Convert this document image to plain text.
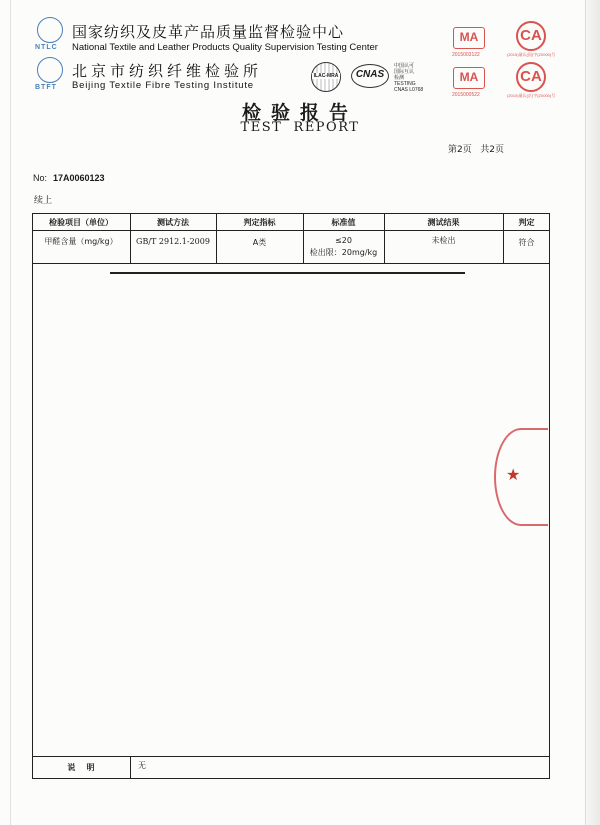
NTLC
国家纺织及皮革产品质量监督检验中心
National Textile and Leather Products Quality Supervision Testing Center
BTFT
北京市纺织纤维检验所
Beijing Textile Fibre Testing Institute
ILAC-MRA	CNAS
中国认可
国际互认
检测
TESTING
CNAS L0768
MA
2015003122
CA
(2015)量认(国)字(Z0000)号
MA
2015000522
CA
(2015)量认(京)字(Z0000)号
检验报告
TEST  REPORT
第2页   共2页
No: 17A0060123
续上
检验项目（单位）	测试方法	判定指标	标准值	测试结果	判定
甲醛含量（mg/kg）	GB/T 2912.1-2009	A类	≤20
检出限：20mg/kg
未检出	符合
★
说    明	无
